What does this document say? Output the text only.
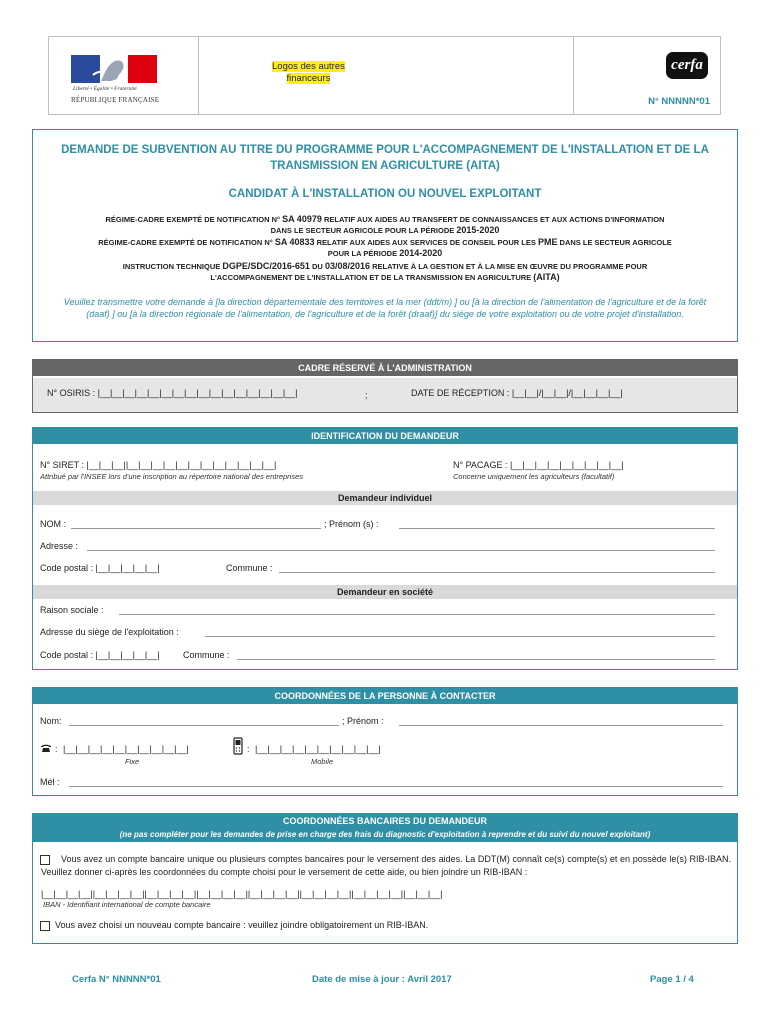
Liberté • Égalité • Fraternité
RÉPUBLIQUE FRANÇAISE
Logos des autres
financeurs
cerfa
N° NNNNN*01
DEMANDE DE SUBVENTION AU TITRE DU PROGRAMME POUR L'ACCOMPAGNEMENT DE L'INSTALLATION ET DE LA TRANSMISSION EN AGRICULTURE (AITA)
CANDIDAT À L'INSTALLATION OU NOUVEL EXPLOITANT
RÉGIME-CADRE EXEMPTÉ DE NOTIFICATION N° SA 40979 RELATIF AUX AIDES AU TRANSFERT DE CONNAISSANCES ET AUX ACTIONS D'INFORMATION
DANS LE SECTEUR AGRICOLE POUR LA PÉRIODE 2015-2020
RÉGIME-CADRE EXEMPTÉ DE NOTIFICATION N° SA 40833 RELATIF AUX AIDES AUX SERVICES DE CONSEIL POUR LES PME DANS LE SECTEUR AGRICOLE
POUR LA PÉRIODE 2014-2020
INSTRUCTION TECHNIQUE DGPE/SDC/2016-651 DU 03/08/2016 RELATIVE À LA GESTION ET À LA MISE EN ŒUVRE DU PROGRAMME POUR
L'ACCOMPAGNEMENT DE L'INSTALLATION ET DE LA TRANSMISSION EN AGRICULTURE (AITA)
Veuillez transmettre votre demande à [la direction départementale des territoires et la mer (ddt/m) ] ou [à la direction de l'alimentation de l'agriculture et de la forêt (daaf) ] ou [à la direction régionale de l'alimentation, de l'agriculture et de la forêt (draaf)] du siège de votre exploitation ou de votre projet d'installation.
CADRE RÉSERVÉ À L'ADMINISTRATION
N° OSIRIS : |__|__|__|__|__|__|__|__|__|__|__|__|__|__|__|__|	;	DATE DE RÉCEPTION : |__|__|/|__|__|/|__|__|__|__|
IDENTIFICATION DU DEMANDEUR
N° SIRET : |__|__|__||__|__|__|__|__|__|__|__|__|__|__|__|
Attribué par l'INSEE lors d'une inscription au répertoire national des entreprises
N° PACAGE : |__|__|__|__|__|__|__|__|__|
Concerne uniquement les agriculteurs (facultatif)
Demandeur individuel
NOM :	; Prénom (s) :
Adresse :
Code postal : |__|__|__|__|__|	Commune :
Demandeur en société
Raison sociale :
Adresse du siège de l'exploitation :
Code postal : |__|__|__|__|__|	Commune :
COORDONNÉES DE LA PERSONNE À CONTACTER
Nom:	; Prénom :
: |__|__|__|__|__|__|__|__|__|__|
Fixe
: |__|__|__|__|__|__|__|__|__|__|
Mobile
Mél :
COORDONNÉES BANCAIRES DU DEMANDEUR
(ne pas compléter pour les demandes de prise en charge des frais du diagnostic d'exploitation à reprendre et du suivi du nouvel exploitant)
Vous avez un compte bancaire unique ou plusieurs comptes bancaires pour le versement des aides. La DDT(M) connaît ce(s) compte(s) et en possède le(s) RIB-IBAN. Veuillez donner ci-après les coordonnées du compte choisi pour le versement de cette aide, ou bien joindre un RIB-IBAN :
|__|__|__|__||__|__|__|__||__|__|__|__||__|__|__|__||__|__|__|__||__|__|__|__||__|__|__|__||__|__|__|
IBAN - Identifiant international de compte bancaire
Vous avez choisi un nouveau compte bancaire : veuillez joindre obligatoirement un RIB-IBAN.
Cerfa N° NNNNN*01	Date de mise à jour : Avril 2017	Page 1 / 4
